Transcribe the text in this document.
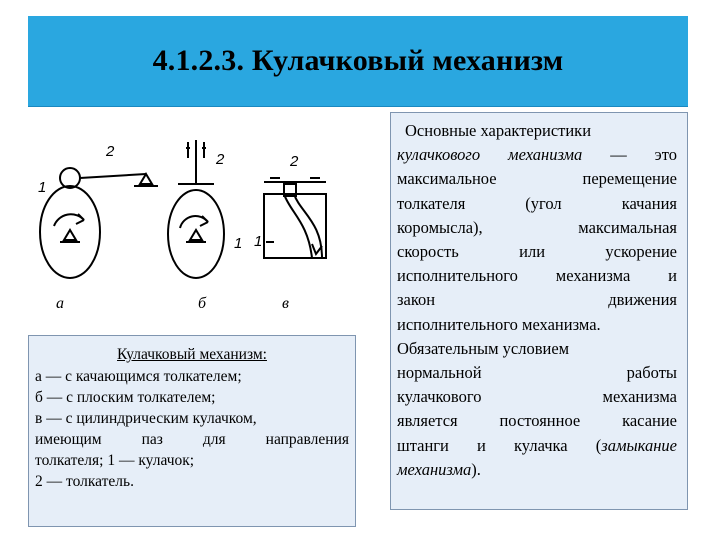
4.1.2.3. Кулачковый механизм
2
1
2
1
2
1
а	б	в
Кулачковый механизм:
а — с качающимся толкателем;
б — с плоским толкателем;
в — с цилиндрическим кулачком,
имеющим паз для направления
толкателя; 1 — кулачок;
2 — толкатель.
Основные характеристики
кулачкового механизма — это
максимальное перемещение
толкателя (угол качания
коромысла), максимальная
скорость или ускорение
исполнительного механизма и
закон движения
исполнительного механизма.
Обязательным условием
нормальной работы
кулачкового механизма
является постоянное касание
штанги и кулачка (замыкание
механизма).
